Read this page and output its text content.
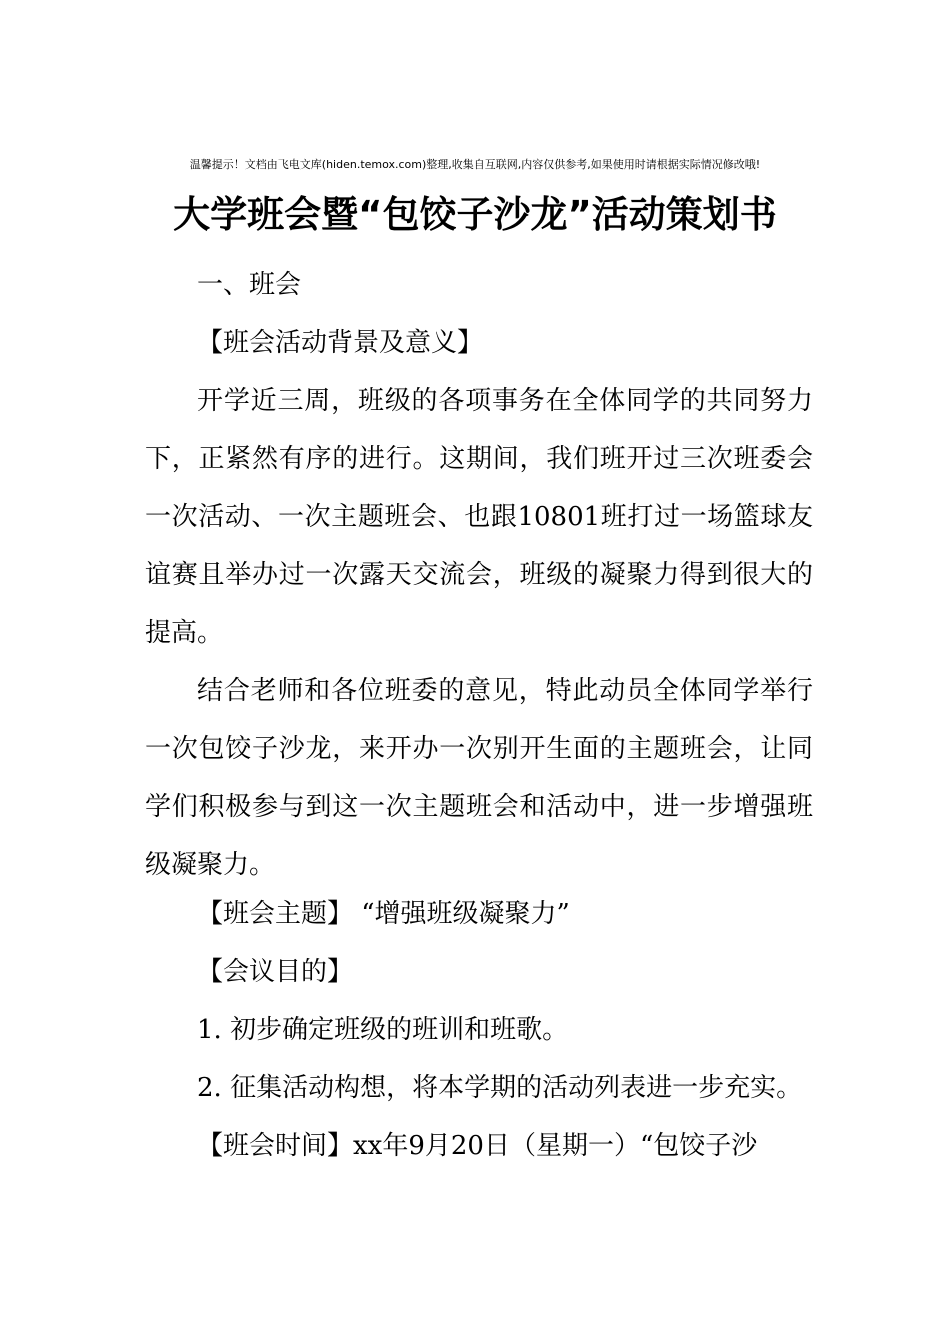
温馨提示！文档由飞电文库(hiden.temox.com)整理,收集自互联网,内容仅供参考,如果使用时请根据实际情况修改哦!
大学班会暨“包饺子沙龙”活动策划书
一、班会
【班会活动背景及意义】
开学近三周，班级的各项事务在全体同学的共同努力下，正紧然有序的进行。这期间，我们班开过三次班委会一次活动、一次主题班会、也跟10801班打过一场篮球友谊赛且举办过一次露天交流会，班级的凝聚力得到很大的提高。
结合老师和各位班委的意见，特此动员全体同学举行一次包饺子沙龙，来开办一次别开生面的主题班会，让同学们积极参与到这一次主题班会和活动中，进一步增强班级凝聚力。
【班会主题】 “增强班级凝聚力”
【会议目的】
1. 初步确定班级的班训和班歌。
2. 征集活动构想，将本学期的活动列表进一步充实。
【班会时间】xx年9月20日（星期一）“包饺子沙
